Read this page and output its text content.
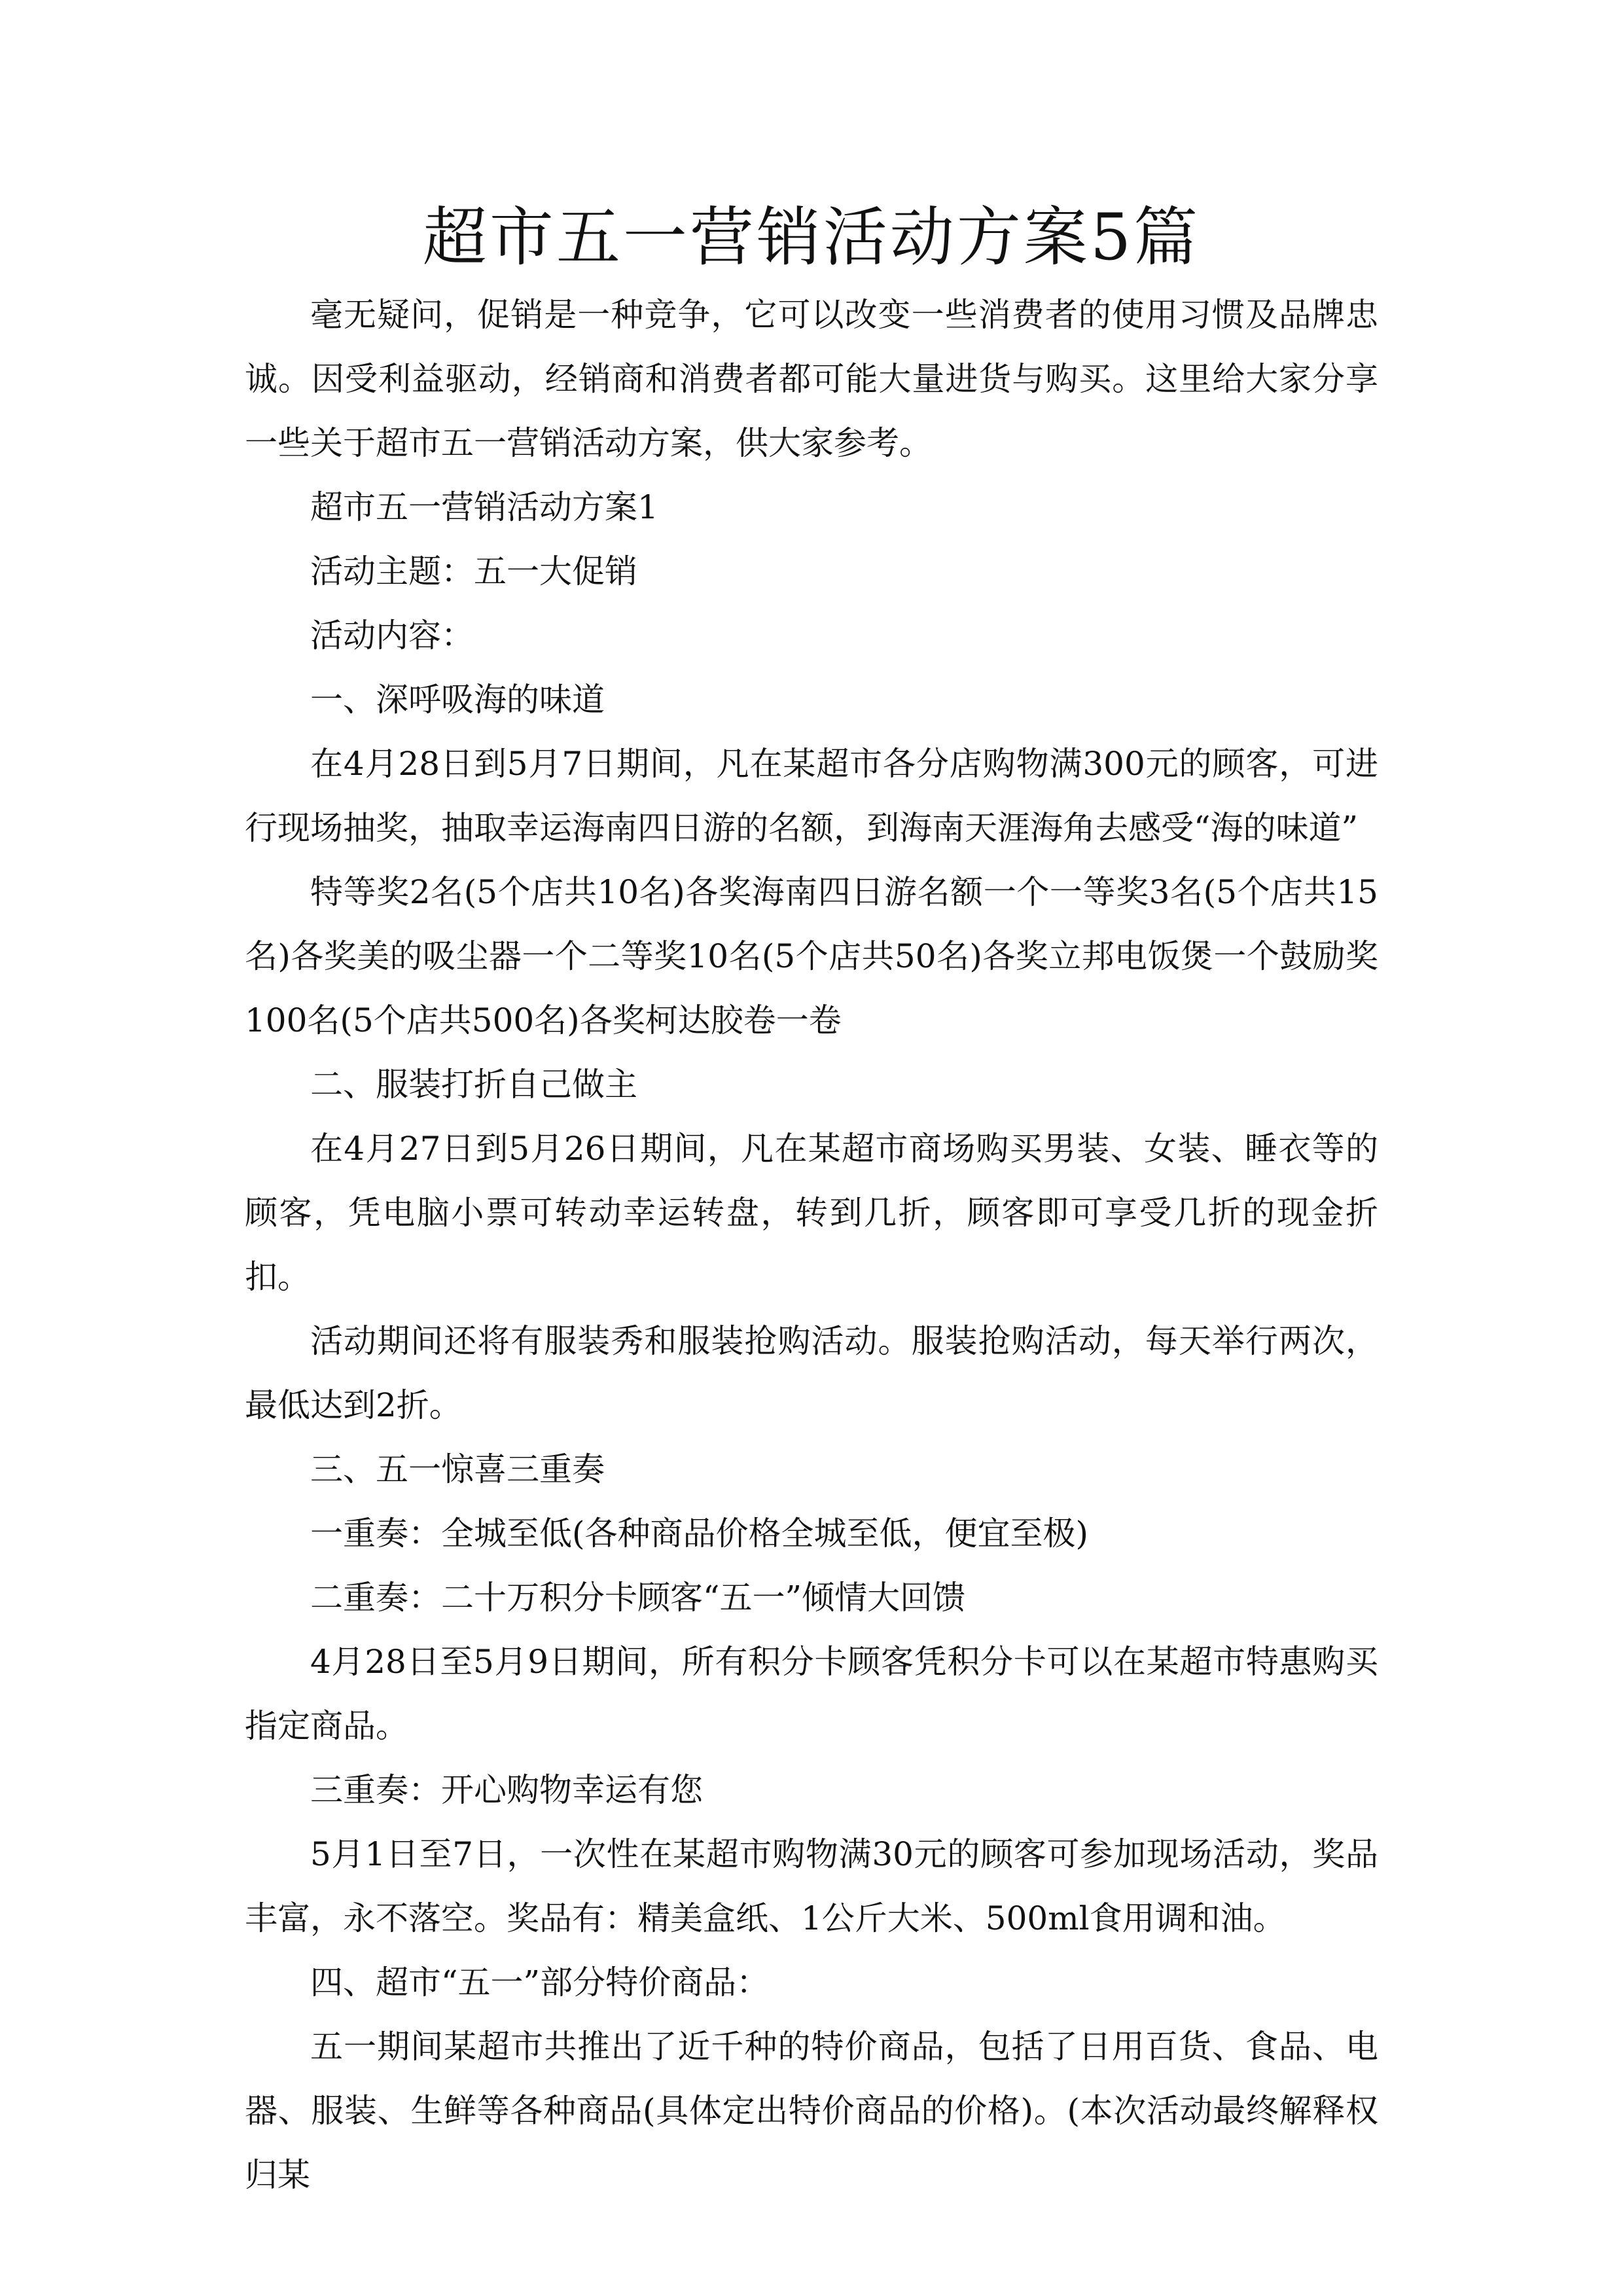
超市五一营销活动方案5篇

毫无疑问，促销是一种竞争，它可以改变一些消费者的使用习惯及品牌忠诚。因受利益驱动，经销商和消费者都可能大量进货与购买。这里给大家分享一些关于超市五一营销活动方案，供大家参考。

超市五一营销活动方案1

活动主题：五一大促销

活动内容：

一、深呼吸海的味道

在4月28日到5月7日期间，凡在某超市各分店购物满300元的顾客，可进行现场抽奖，抽取幸运海南四日游的名额，到海南天涯海角去感受“海的味道”

特等奖2名(5个店共10名)各奖海南四日游名额一个一等奖3名(5个店共15名)各奖美的吸尘器一个二等奖10名(5个店共50名)各奖立邦电饭煲一个鼓励奖100名(5个店共500名)各奖柯达胶卷一卷

二、服装打折自己做主

在4月27日到5月26日期间，凡在某超市商场购买男装、女装、睡衣等的顾客，凭电脑小票可转动幸运转盘，转到几折，顾客即可享受几折的现金折扣。

活动期间还将有服装秀和服装抢购活动。服装抢购活动，每天举行两次，最低达到2折。

三、五一惊喜三重奏

一重奏：全城至低(各种商品价格全城至低，便宜至极)

二重奏：二十万积分卡顾客“五一”倾情大回馈

4月28日至5月9日期间，所有积分卡顾客凭积分卡可以在某超市特惠购买指定商品。

三重奏：开心购物幸运有您

5月1日至7日，一次性在某超市购物满30元的顾客可参加现场活动，奖品丰富，永不落空。奖品有：精美盒纸、1公斤大米、500ml食用调和油。

四、超市“五一”部分特价商品：

五一期间某超市共推出了近千种的特价商品，包括了日用百货、食品、电器、服装、生鲜等各种商品(具体定出特价商品的价格)。(本次活动最终解释权归某
